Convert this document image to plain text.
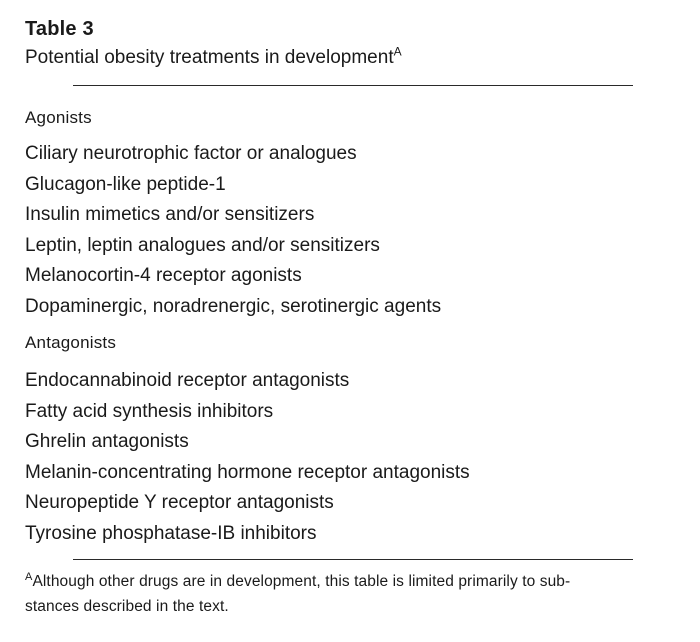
Table 3
Potential obesity treatments in development$^A$
Agonists
Ciliary neurotrophic factor or analogues
Glucagon-like peptide-1
Insulin mimetics and/or sensitizers
Leptin, leptin analogues and/or sensitizers
Melanocortin-4 receptor agonists
Dopaminergic, noradrenergic, serotinergic agents
Antagonists
Endocannabinoid receptor antagonists
Fatty acid synthesis inhibitors
Ghrelin antagonists
Melanin-concentrating hormone receptor antagonists
Neuropeptide Y receptor antagonists
Tyrosine phosphatase-IB inhibitors
$^A$Although other drugs are in development, this table is limited primarily to sub-
stances described in the text.
